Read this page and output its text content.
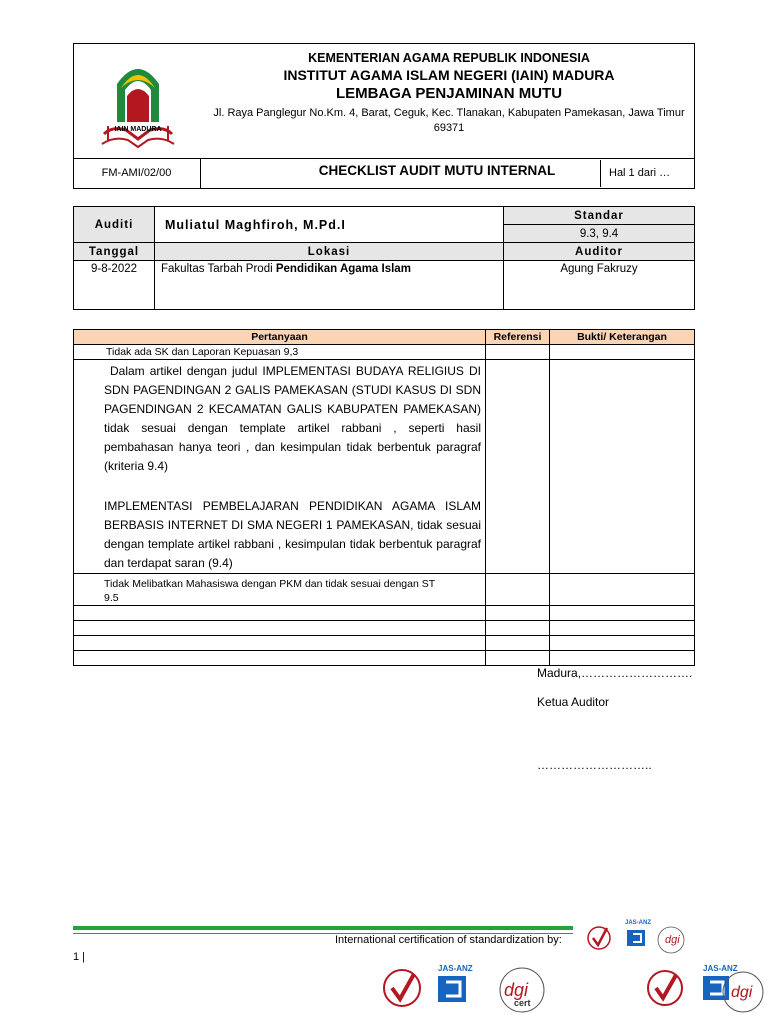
IAIN MADURA
KEMENTERIAN AGAMA REPUBLIK INDONESIA
INSTITUT AGAMA ISLAM NEGERI (IAIN) MADURA
LEMBAGA PENJAMINAN MUTU
Jl. Raya Panglegur No.Km. 4, Barat, Ceguk, Kec. Tlanakan, Kabupaten Pamekasan, Jawa Timur 69371
FM-AMI/02/00	CHECKLIST AUDIT MUTU INTERNAL	Hal 1 dari …
Auditi	Muliatul Maghfiroh, M.Pd.I	Standar
		9.3, 9.4
Tanggal	Lokasi	Auditor
9-8-2022	Fakultas Tarbah Prodi Pendidikan Agama Islam	Agung Fakruzy
Pertanyaan	Referensi	Bukti/ Keterangan
Tidak ada SK dan Laporan Kepuasan 9,3		

Dalam artikel dengan judul IMPLEMENTASI BUDAYA RELIGIUS DI SDN PAGENDINGAN 2 GALIS PAMEKASAN (STUDI KASUS DI SDN PAGENDINGAN 2 KECAMATAN GALIS KABUPATEN PAMEKASAN) tidak sesuai dengan template artikel rabbani , seperti hasil pembahasan hanya teori , dan kesimpulan tidak berbentuk paragraf (kriteria 9.4)
IMPLEMENTASI PEMBELAJARAN PENDIDIKAN AGAMA ISLAM BERBASIS INTERNET DI SMA NEGERI 1 PAMEKASAN, tidak sesuai dengan template artikel rabbani , kesimpulan tidak berbentuk paragraf dan terdapat saran (9.4)		

Tidak Melibatkan Mahasiswa dengan PKM dan tidak sesuai dengan ST 9.5		

Madura,……………………….
Ketua Auditor
………………………..
International certification of standardization by:
1 |
JAS-ANZ
dgi
JAS-ANZ
dgi
cert
JAS-ANZ
dgi
